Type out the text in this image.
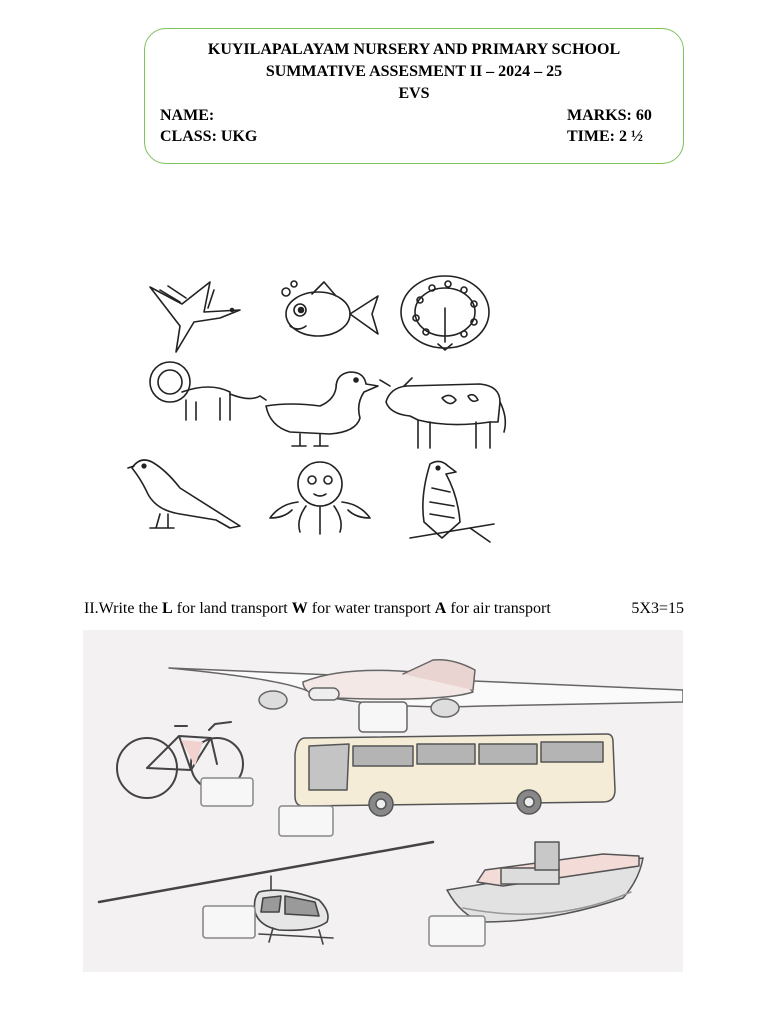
KUYILAPALAYAM NURSERY AND PRIMARY SCHOOL
SUMMATIVE ASSESMENT II – 2024 – 25
EVS
NAME:
CLASS: UKG
MARKS: 60
TIME: 2 ½
II.Write the L for land transport W for water transport A for air transport	5X3=15
